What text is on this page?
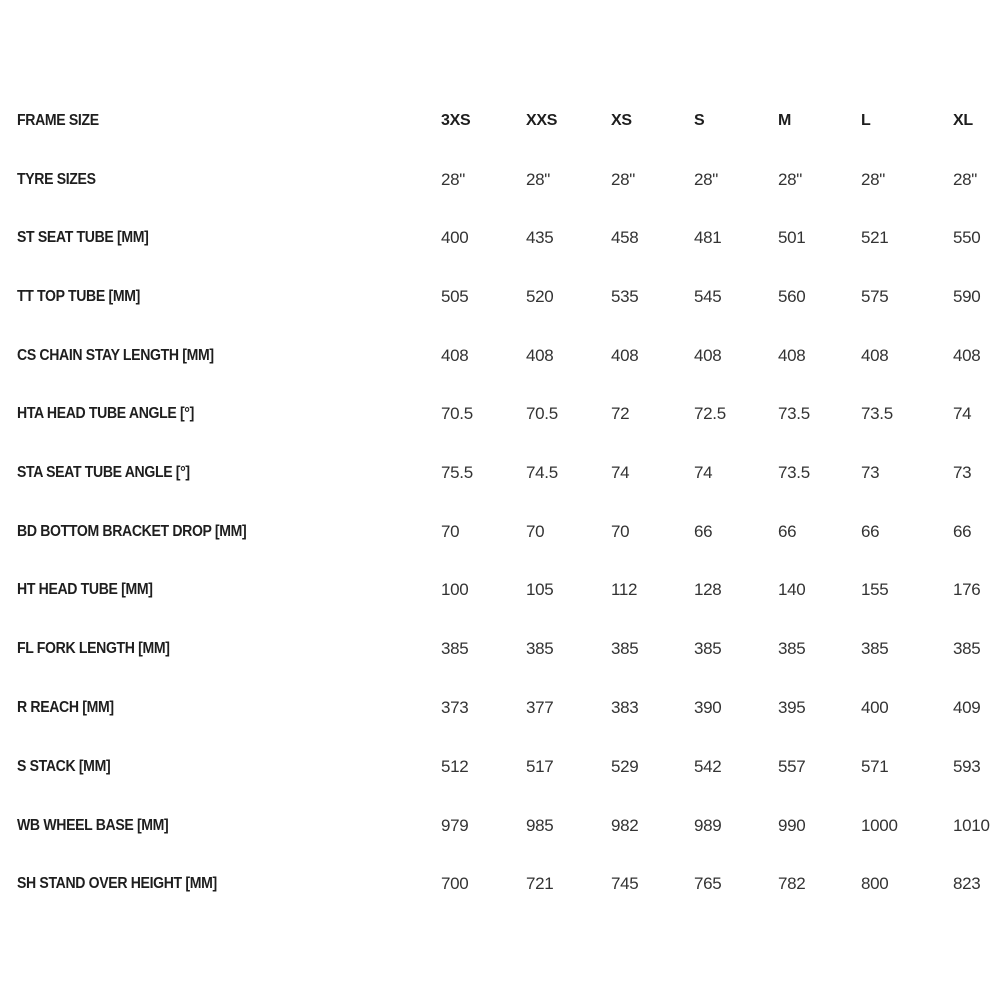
FRAME SIZE	3XS	XXS	XS	S	M	L	XL
TYRE SIZES	28"	28"	28"	28"	28"	28"	28"
ST SEAT TUBE [MM]	400	435	458	481	501	521	550
TT TOP TUBE [MM]	505	520	535	545	560	575	590
CS CHAIN STAY LENGTH [MM]	408	408	408	408	408	408	408
HTA HEAD TUBE ANGLE [°]	70.5	70.5	72	72.5	73.5	73.5	74
STA SEAT TUBE ANGLE [°]	75.5	74.5	74	74	73.5	73	73
BD BOTTOM BRACKET DROP [MM]	70	70	70	66	66	66	66
HT HEAD TUBE [MM]	100	105	112	128	140	155	176
FL FORK LENGTH [MM]	385	385	385	385	385	385	385
R REACH [MM]	373	377	383	390	395	400	409
S STACK [MM]	512	517	529	542	557	571	593
WB WHEEL BASE [MM]	979	985	982	989	990	1000	1010
SH STAND OVER HEIGHT [MM]	700	721	745	765	782	800	823
